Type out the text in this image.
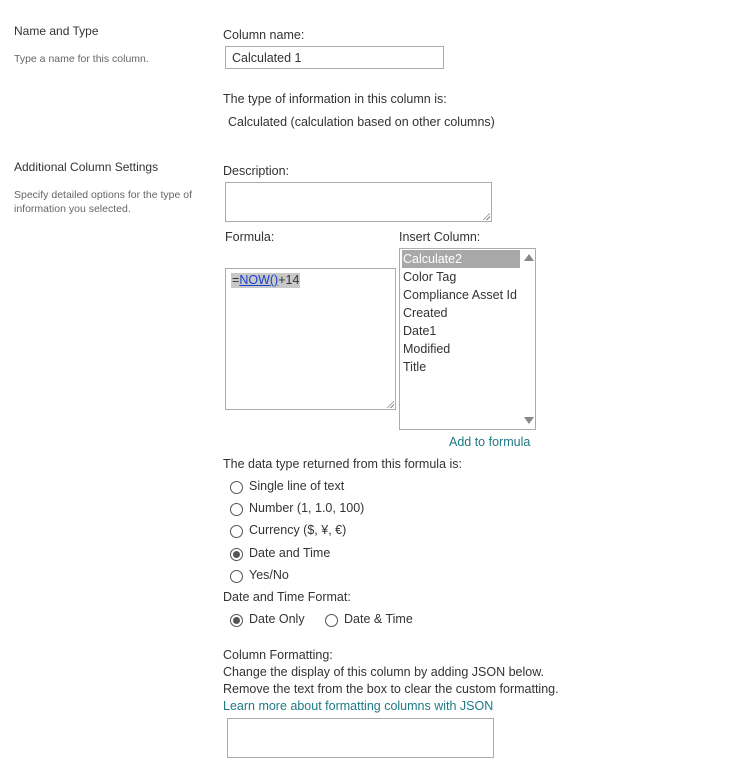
Name and Type
Type a name for this column.
Column name:
Calculated 1
The type of information in this column is:
Calculated (calculation based on other columns)
Additional Column Settings
Specify detailed options for the type of
information you selected.
Description:
Formula:
=NOW()+14
Insert Column:
Calculate2
Color Tag
Compliance Asset Id
Created
Date1
Modified
Title
Add to formula
The data type returned from this formula is:
Single line of text
Number (1, 1.0, 100)
Currency ($, ¥, €)
Date and Time
Yes/No
Date and Time Format:
Date Only	Date & Time
Column Formatting:
Change the display of this column by adding JSON below.
Remove the text from the box to clear the custom formatting.
Learn more about formatting columns with JSON
